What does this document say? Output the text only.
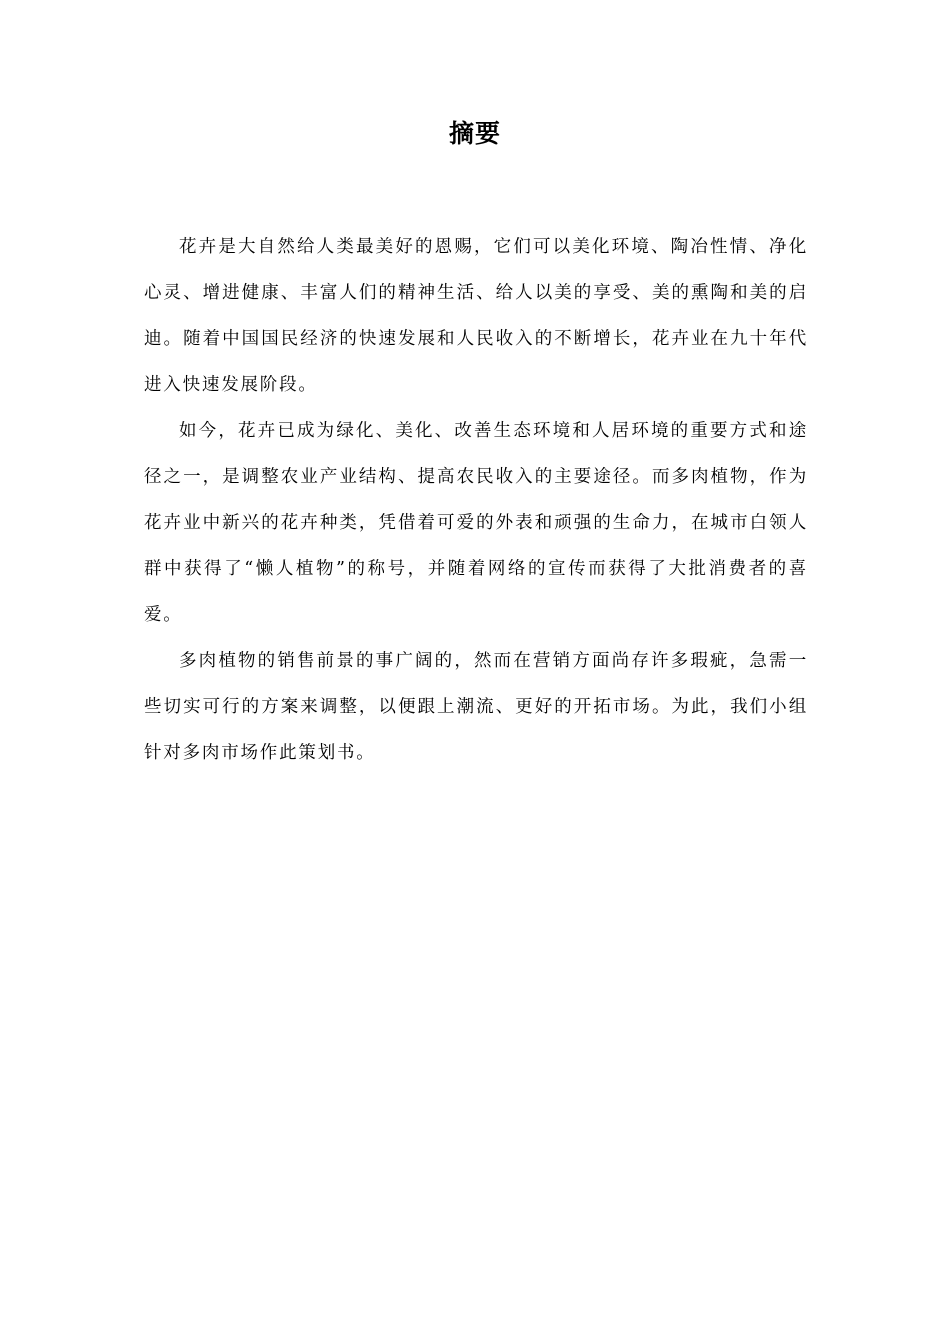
摘要

花卉是大自然给人类最美好的恩赐，它们可以美化环境、陶冶性情、净化心灵、增进健康、丰富人们的精神生活、给人以美的享受、美的熏陶和美的启迪。随着中国国民经济的快速发展和人民收入的不断增长，花卉业在九十年代进入快速发展阶段。

如今，花卉已成为绿化、美化、改善生态环境和人居环境的重要方式和途径之一，是调整农业产业结构、提高农民收入的主要途径。而多肉植物，作为花卉业中新兴的花卉种类，凭借着可爱的外表和顽强的生命力，在城市白领人群中获得了“懒人植物”的称号，并随着网络的宣传而获得了大批消费者的喜爱。

多肉植物的销售前景的事广阔的，然而在营销方面尚存许多瑕疵，急需一些切实可行的方案来调整，以便跟上潮流、更好的开拓市场。为此，我们小组针对多肉市场作此策划书。
